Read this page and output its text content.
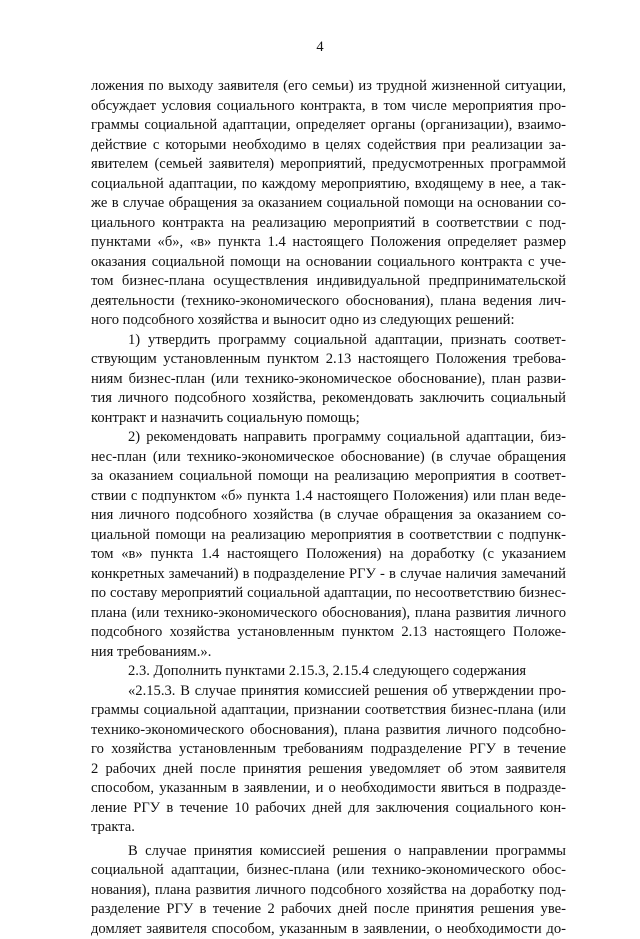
4
ложения по выходу заявителя (его семьи) из трудной жизненной ситуации,
обсуждает условия социального контракта, в том числе мероприятия про-
граммы социальной адаптации, определяет органы (организации), взаимо-
действие с которыми необходимо в целях содействия при реализации за-
явителем (семьей заявителя) мероприятий, предусмотренных программой
социальной адаптации, по каждому мероприятию, входящему в нее, а так-
же в случае обращения за оказанием социальной помощи на основании со-
циального контракта на реализацию мероприятий в соответствии с под-
пунктами «б», «в» пункта 1.4 настоящего Положения определяет размер
оказания социальной помощи на основании социального контракта с уче-
том бизнес-плана осуществления индивидуальной предпринимательской
деятельности (технико-экономического обоснования), плана ведения лич-
ного подсобного хозяйства и выносит одно из следующих решений:
1) утвердить программу социальной адаптации, признать соответ-
ствующим установленным пунктом 2.13 настоящего Положения требова-
ниям бизнес-план (или технико-экономическое обоснование), план разви-
тия личного подсобного хозяйства, рекомендовать заключить социальный
контракт и назначить социальную помощь;
2) рекомендовать направить программу социальной адаптации, биз-
нес-план (или технико-экономическое обоснование) (в случае обращения
за оказанием социальной помощи на реализацию мероприятия в соответ-
ствии с подпунктом «б» пункта 1.4 настоящего Положения) или план веде-
ния личного подсобного хозяйства (в случае обращения за оказанием со-
циальной помощи на реализацию мероприятия в соответствии с подпунк-
том «в» пункта 1.4 настоящего Положения) на доработку (с указанием
конкретных замечаний) в подразделение РГУ - в случае наличия замечаний
по составу мероприятий социальной адаптации, по несоответствию бизнес-
плана (или технико-экономического обоснования), плана развития личного
подсобного хозяйства установленным пунктом 2.13 настоящего Положе-
ния требованиям.».
2.3. Дополнить пунктами 2.15.3, 2.15.4 следующего содержания
«2.15.3. В случае принятия комиссией решения об утверждении про-
граммы социальной адаптации, признании соответствия бизнес-плана (или
технико-экономического обоснования), плана развития личного подсобно-
го хозяйства установленным требованиям подразделение РГУ в течение
2 рабочих дней после принятия решения уведомляет об этом заявителя
способом, указанным в заявлении, и о необходимости явиться в подразде-
ление РГУ в течение 10 рабочих дней для заключения социального кон-
тракта.
В случае принятия комиссией решения о направлении программы
социальной адаптации, бизнес-плана (или технико-экономического обос-
нования), плана развития личного подсобного хозяйства на доработку под-
разделение РГУ в течение 2 рабочих дней после принятия решения уве-
домляет заявителя способом, указанным в заявлении, о необходимости до-
